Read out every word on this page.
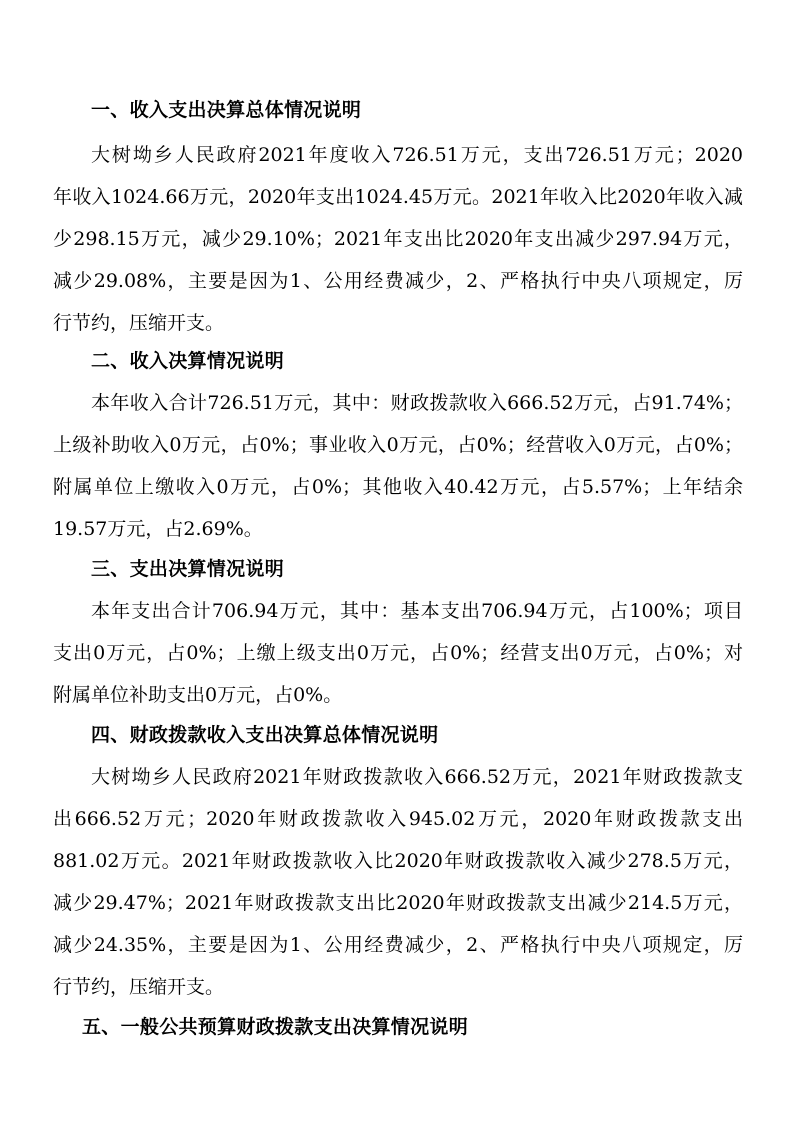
一、收入支出决算总体情况说明
大树坳乡人民政府2021年度收入726.51万元，支出726.51万元；2020
年收入1024.66万元，2020年支出1024.45万元。2021年收入比2020年收入减
少298.15万元，减少29.10%；2021年支出比2020年支出减少297.94万元，
减少29.08%，主要是因为1、公用经费减少，2、严格执行中央八项规定，厉
行节约，压缩开支。
二、收入决算情况说明
本年收入合计726.51万元，其中：财政拨款收入666.52万元，占91.74%；
上级补助收入0万元，占0%；事业收入0万元，占0%；经营收入0万元，占0%；
附属单位上缴收入0万元，占0%；其他收入40.42万元，占5.57%；上年结余
19.57万元，占2.69%。
三、支出决算情况说明
本年支出合计706.94万元，其中：基本支出706.94万元，占100%；项目
支出0万元，占0%；上缴上级支出0万元，占0%；经营支出0万元，占0%；对
附属单位补助支出0万元，占0%。
四、财政拨款收入支出决算总体情况说明
大树坳乡人民政府2021年财政拨款收入666.52万元，2021年财政拨款支
出666.52万元；2020年财政拨款收入945.02万元，2020年财政拨款支出
881.02万元。2021年财政拨款收入比2020年财政拨款收入减少278.5万元，
减少29.47%；2021年财政拨款支出比2020年财政拨款支出减少214.5万元，
减少24.35%，主要是因为1、公用经费减少，2、严格执行中央八项规定，厉
行节约，压缩开支。
五、一般公共预算财政拨款支出决算情况说明
